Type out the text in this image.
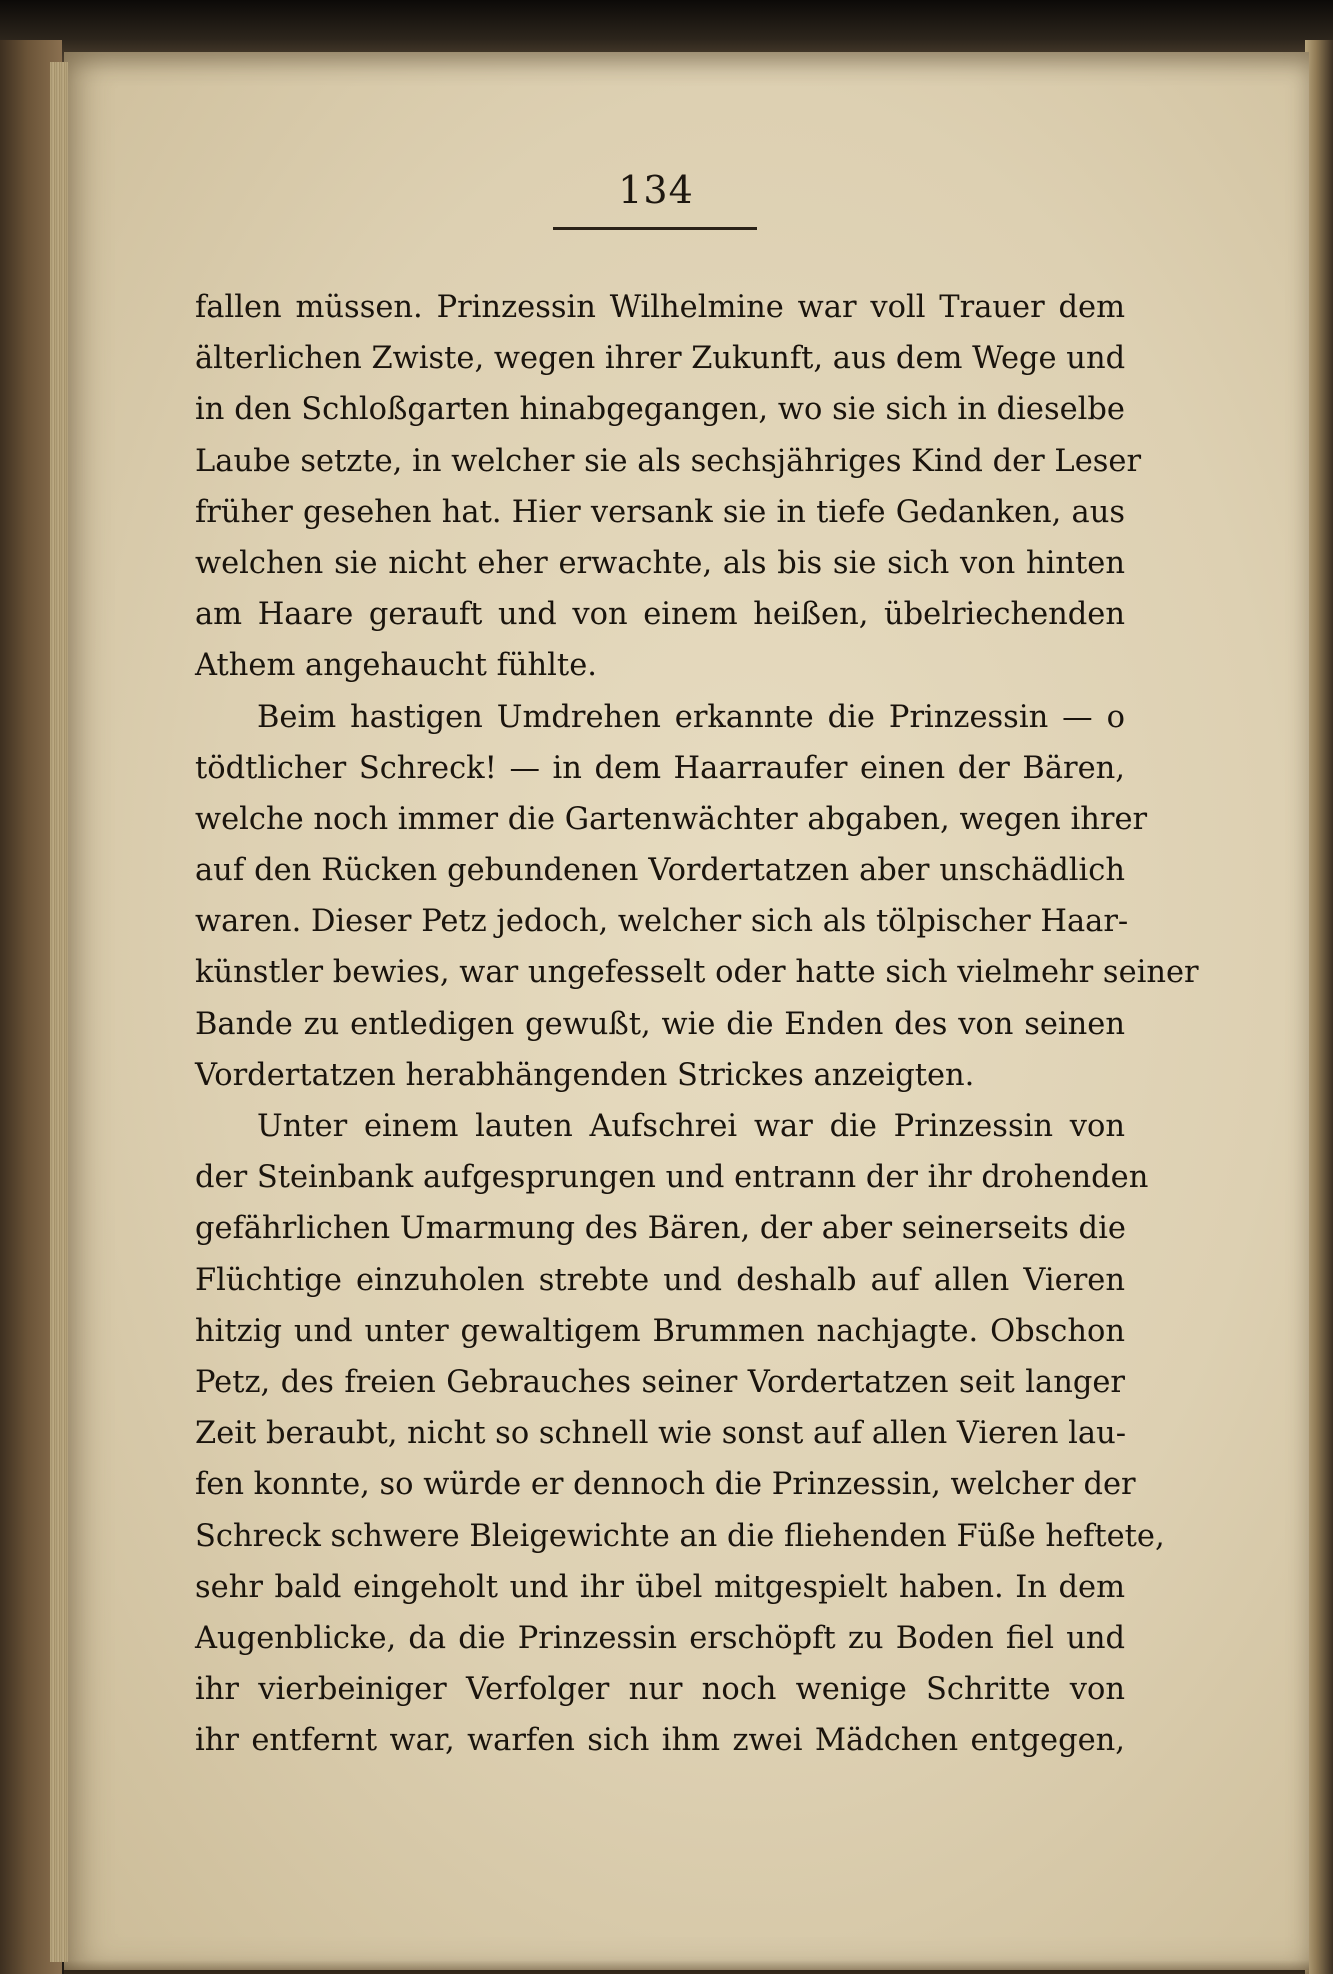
134
fallen müssen. Prinzessin Wilhelmine war voll Trauer dem
älterlichen Zwiste, wegen ihrer Zukunft, aus dem Wege und
in den Schloßgarten hinabgegangen, wo sie sich in dieselbe
Laube setzte, in welcher sie als sechsjähriges Kind der Leser
früher gesehen hat. Hier versank sie in tiefe Gedanken, aus
welchen sie nicht eher erwachte, als bis sie sich von hinten
am Haare gerauft und von einem heißen, übelriechenden
Athem angehaucht fühlte.
Beim hastigen Umdrehen erkannte die Prinzessin — o
tödtlicher Schreck! — in dem Haarraufer einen der Bären,
welche noch immer die Gartenwächter abgaben, wegen ihrer
auf den Rücken gebundenen Vordertatzen aber unschädlich
waren. Dieser Petz jedoch, welcher sich als tölpischer Haar-
künstler bewies, war ungefesselt oder hatte sich vielmehr seiner
Bande zu entledigen gewußt, wie die Enden des von seinen
Vordertatzen herabhängenden Strickes anzeigten.
Unter einem lauten Aufschrei war die Prinzessin von
der Steinbank aufgesprungen und entrann der ihr drohenden
gefährlichen Umarmung des Bären, der aber seinerseits die
Flüchtige einzuholen strebte und deshalb auf allen Vieren
hitzig und unter gewaltigem Brummen nachjagte. Obschon
Petz, des freien Gebrauches seiner Vordertatzen seit langer
Zeit beraubt, nicht so schnell wie sonst auf allen Vieren lau-
fen konnte, so würde er dennoch die Prinzessin, welcher der
Schreck schwere Bleigewichte an die fliehenden Füße heftete,
sehr bald eingeholt und ihr übel mitgespielt haben. In dem
Augenblicke, da die Prinzessin erschöpft zu Boden fiel und
ihr vierbeiniger Verfolger nur noch wenige Schritte von
ihr entfernt war, warfen sich ihm zwei Mädchen entgegen,
